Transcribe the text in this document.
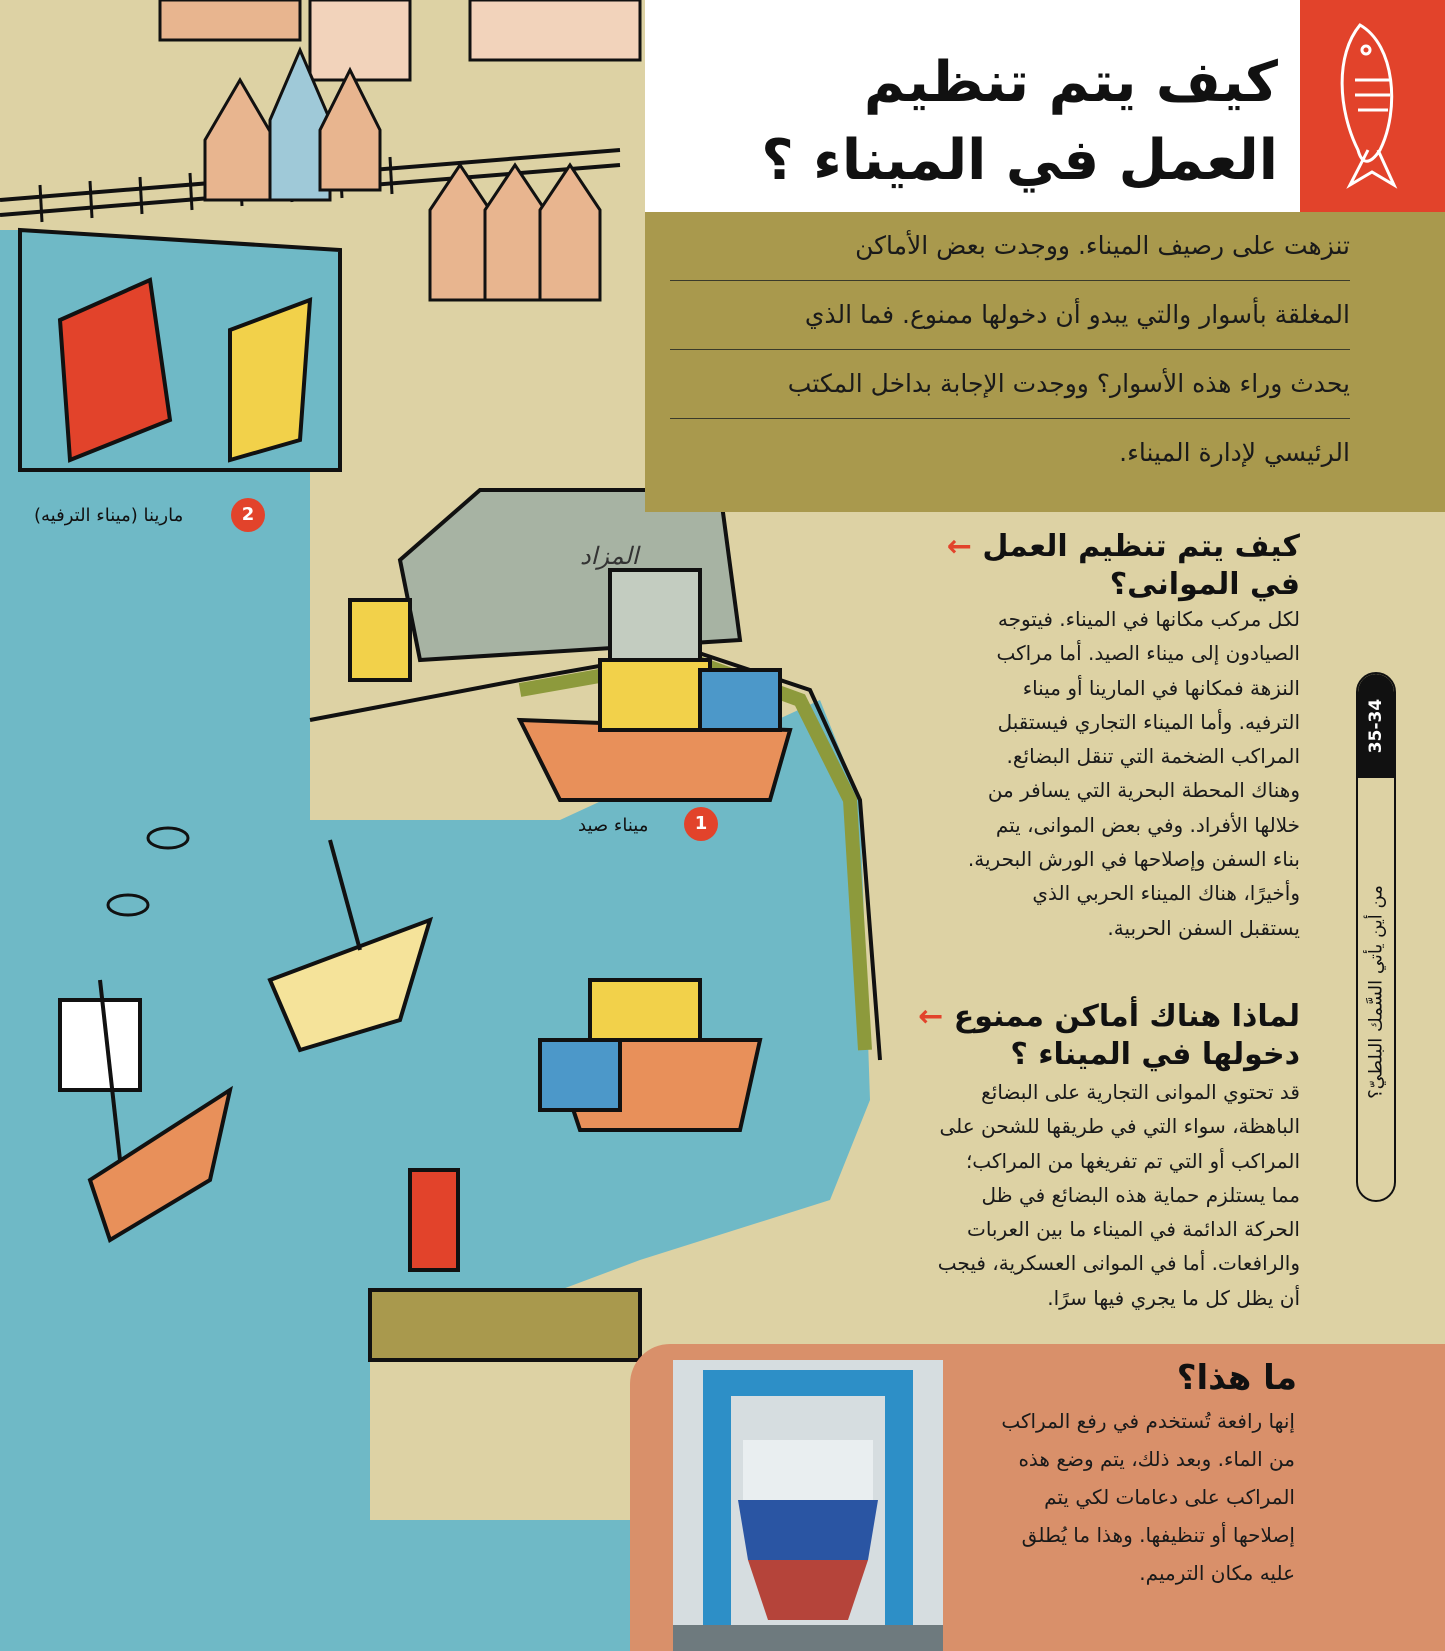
كيف يتم تنظيم
العمل في الميناء ؟
تنزهت على رصيف الميناء. ووجدت بعض الأماكن
المغلقة بأسوار والتي يبدو أن دخولها ممنوع. فما الذي
يحدث وراء هذه الأسوار؟ ووجدت الإجابة بداخل المكتب
الرئيسي لإدارة الميناء.
كيف يتم تنظيم العمل ←
في الموانى؟
لكل مركب مكانها في الميناء. فيتوجه
الصيادون إلى ميناء الصيد. أما مراكب
النزهة فمكانها في المارينا أو ميناء
الترفيه. وأما الميناء التجاري فيستقبل
المراكب الضخمة التي تنقل البضائع.
وهناك المحطة البحرية التي يسافر من
خلالها الأفراد. وفي بعض الموانى، يتم
بناء السفن وإصلاحها في الورش البحرية.
وأخيرًا، هناك الميناء الحربي الذي
يستقبل السفن الحربية.
لماذا هناك أماكن ممنوع ←
دخولها في الميناء ؟
قد تحتوي الموانى التجارية على البضائع
الباهظة، سواء التي في طريقها للشحن على
المراكب أو التي تم تفريغها من المراكب؛
مما يستلزم حماية هذه البضائع في ظل
الحركة الدائمة في الميناء ما بين العربات
والرافعات. أما في الموانى العسكرية، فيجب
أن يظل كل ما يجري فيها سرًا.
35-34
من أين يأتي السَّمك البلطيّ؟
ما هذا؟
إنها رافعة تُستخدم في رفع المراكب
من الماء. وبعد ذلك، يتم وضع هذه
المراكب على دعامات لكي يتم
إصلاحها أو تنظيفها. وهذا ما يُطلق
عليه مكان الترميم.
2
مارينا (ميناء الترفيه)
1
ميناء صيد
المزاد
